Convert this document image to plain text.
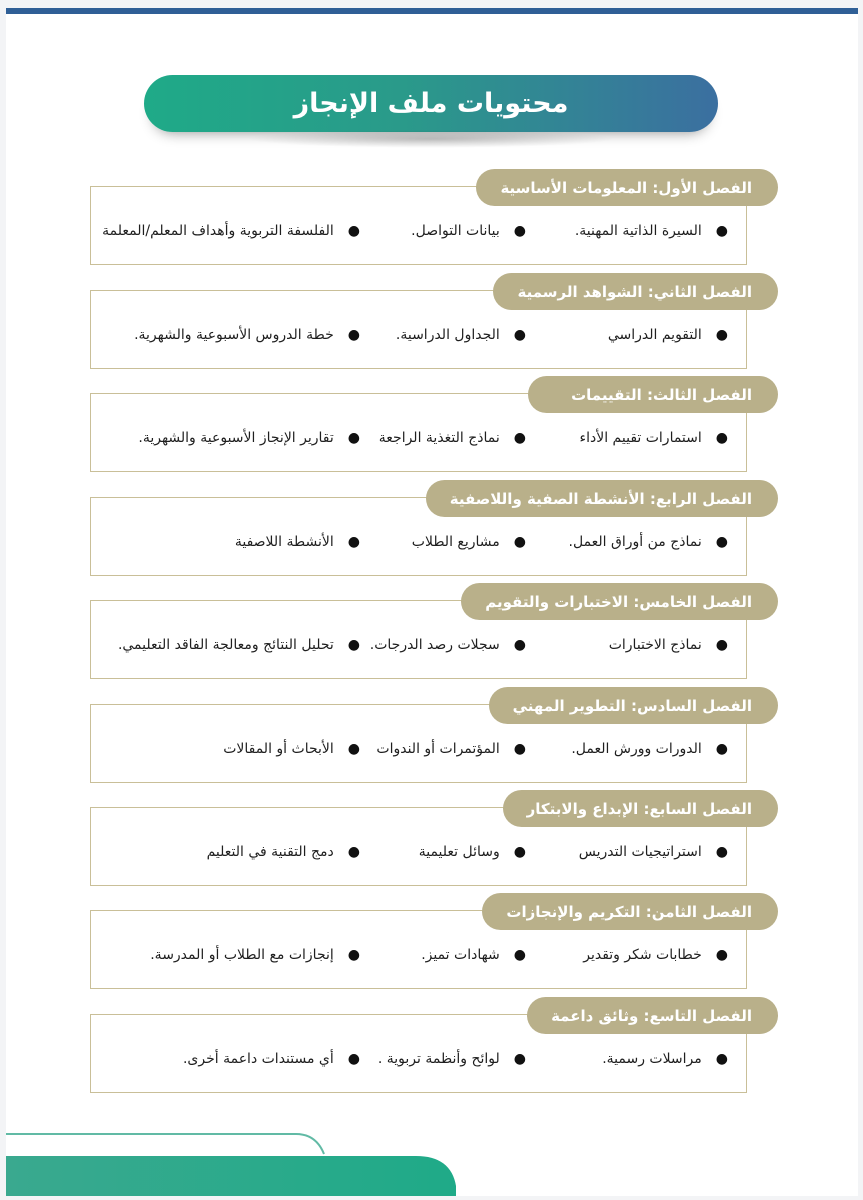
محتويات ملف الإنجاز
الفصل الأول: المعلومات الأساسية
●
السيرة الذاتية المهنية.
●
بيانات التواصل.
●
الفلسفة التربوية وأهداف المعلم/المعلمة
الفصل الثاني: الشواهد الرسمية
●
التقويم الدراسي
●
الجداول الدراسية.
●
خطة الدروس الأسبوعية والشهرية.
الفصل الثالث: التقييمات
●
استمارات تقييم الأداء
●
نماذج التغذية الراجعة
●
تقارير الإنجاز الأسبوعية والشهرية.
الفصل الرابع: الأنشطة الصفية واللاصفية
●
نماذج من أوراق العمل.
●
مشاريع الطلاب
●
الأنشطة اللاصفية
الفصل الخامس: الاختبارات والتقويم
●
نماذج الاختبارات
●
سجلات رصد الدرجات.
●
تحليل النتائج ومعالجة الفاقد التعليمي.
الفصل السادس: التطوير المهني
●
الدورات وورش العمل.
●
المؤتمرات أو الندوات
●
الأبحاث أو المقالات
الفصل السابع: الإبداع والابتكار
●
استراتيجيات التدريس
●
وسائل تعليمية
●
دمج التقنية في التعليم
الفصل الثامن: التكريم والإنجازات
●
خطابات شكر وتقدير
●
شهادات تميز.
●
إنجازات مع الطلاب أو المدرسة.
الفصل التاسع: وثائق داعمة
●
مراسلات رسمية.
●
لوائح وأنظمة تربوية .
●
أي مستندات داعمة أخرى.
